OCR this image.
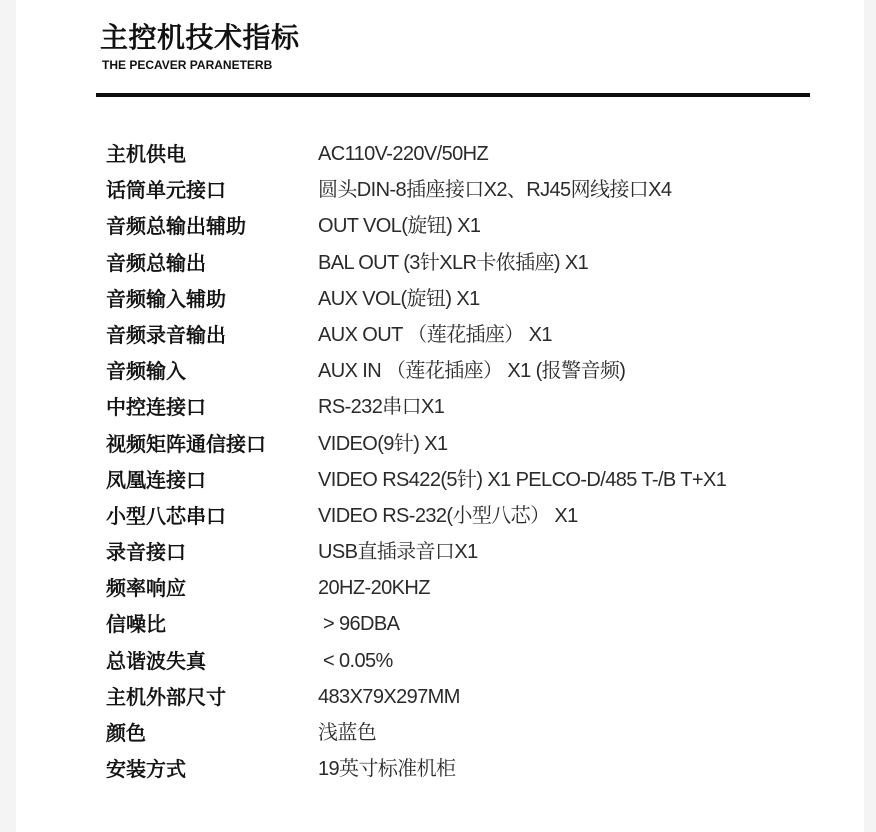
主控机技术指标

THE PECAVER PARANETERB

主机供电	AC110V-220V/50HZ
话筒单元接口	圆头DIN-8插座接口X2、RJ45网线接口X4
音频总输出辅助	OUT VOL(旋钮) X1
音频总输出	BAL OUT (3针XLR卡侬插座) X1
音频输入辅助	AUX VOL(旋钮) X1
音频录音输出	AUX OUT （莲花插座） X1
音频输入	AUX IN （莲花插座） X1 (报警音频)
中控连接口	RS-232串口X1
视频矩阵通信接口	VIDEO(9针) X1
凤凰连接口	VIDEO RS422(5针) X1 PELCO-D/485 T-/B T+X1
小型八芯串口	VIDEO RS-232(小型八芯） X1
录音接口	USB直插录音口X1
频率响应	20HZ-20KHZ
信噪比	> 96DBA
总谐波失真	< 0.05%
主机外部尺寸	483X79X297MM
颜色	浅蓝色
安装方式	19英寸标准机柜
